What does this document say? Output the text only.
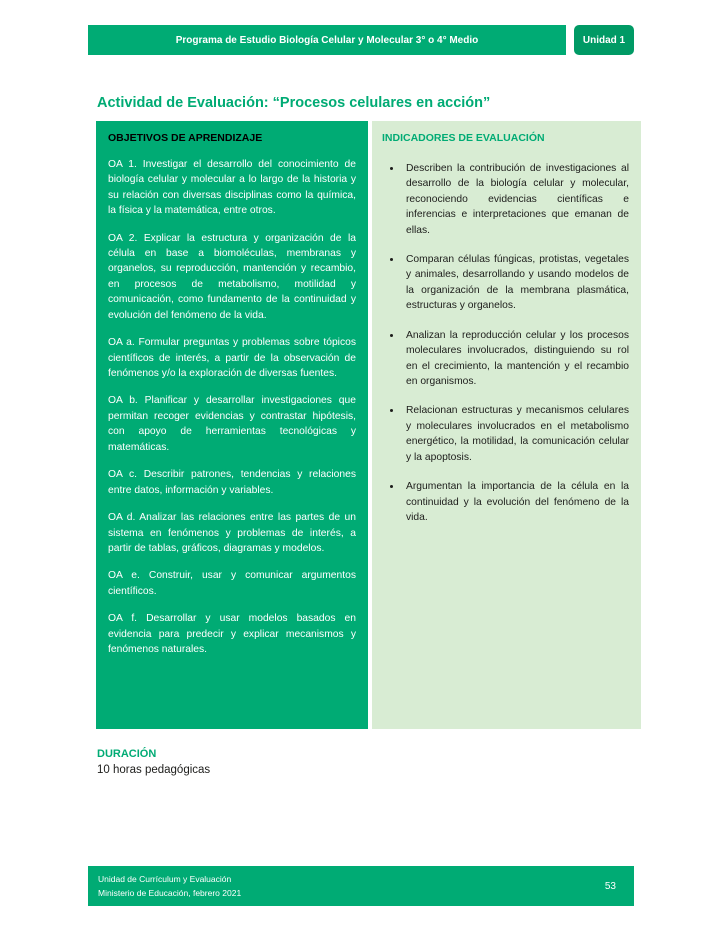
Programa de Estudio Biología Celular y Molecular 3° o 4° Medio	Unidad 1
Actividad de Evaluación: “Procesos celulares en acción”
OBJETIVOS DE APRENDIZAJE

OA 1. Investigar el desarrollo del conocimiento de biología celular y molecular a lo largo de la historia y su relación con diversas disciplinas como la química, la física y la matemática, entre otros.

OA 2. Explicar la estructura y organización de la célula en base a biomoléculas, membranas y organelos, su reproducción, mantención y recambio, en procesos de metabolismo, motilidad y comunicación, como fundamento de la continuidad y evolución del fenómeno de la vida.

OA a. Formular preguntas y problemas sobre tópicos científicos de interés, a partir de la observación de fenómenos y/o la exploración de diversas fuentes.

OA b. Planificar y desarrollar investigaciones que permitan recoger evidencias y contrastar hipótesis, con apoyo de herramientas tecnológicas y matemáticas.

OA c. Describir patrones, tendencias y relaciones entre datos, información y variables.

OA d. Analizar las relaciones entre las partes de un sistema en fenómenos y problemas de interés, a partir de tablas, gráficos, diagramas y modelos.

OA e. Construir, usar y comunicar argumentos científicos.

OA f. Desarrollar y usar modelos basados en evidencia para predecir y explicar mecanismos y fenómenos naturales.

INDICADORES DE EVALUACIÓN
• Describen la contribución de investigaciones al desarrollo de la biología celular y molecular, reconociendo evidencias científicas e inferencias e interpretaciones que emanan de ellas.
• Comparan células fúngicas, protistas, vegetales y animales, desarrollando y usando modelos de la organización de la membrana plasmática, estructuras y organelos.
• Analizan la reproducción celular y los procesos moleculares involucrados, distinguiendo su rol en el crecimiento, la mantención y el recambio en organismos.
• Relacionan estructuras y mecanismos celulares y moleculares involucrados en el metabolismo energético, la motilidad, la comunicación celular y la apoptosis.
• Argumentan la importancia de la célula en la continuidad y la evolución del fenómeno de la vida.
DURACIÓN

10 horas pedagógicas

Unidad de Currículum y Evaluación
Ministerio de Educación, febrero 2021
53
